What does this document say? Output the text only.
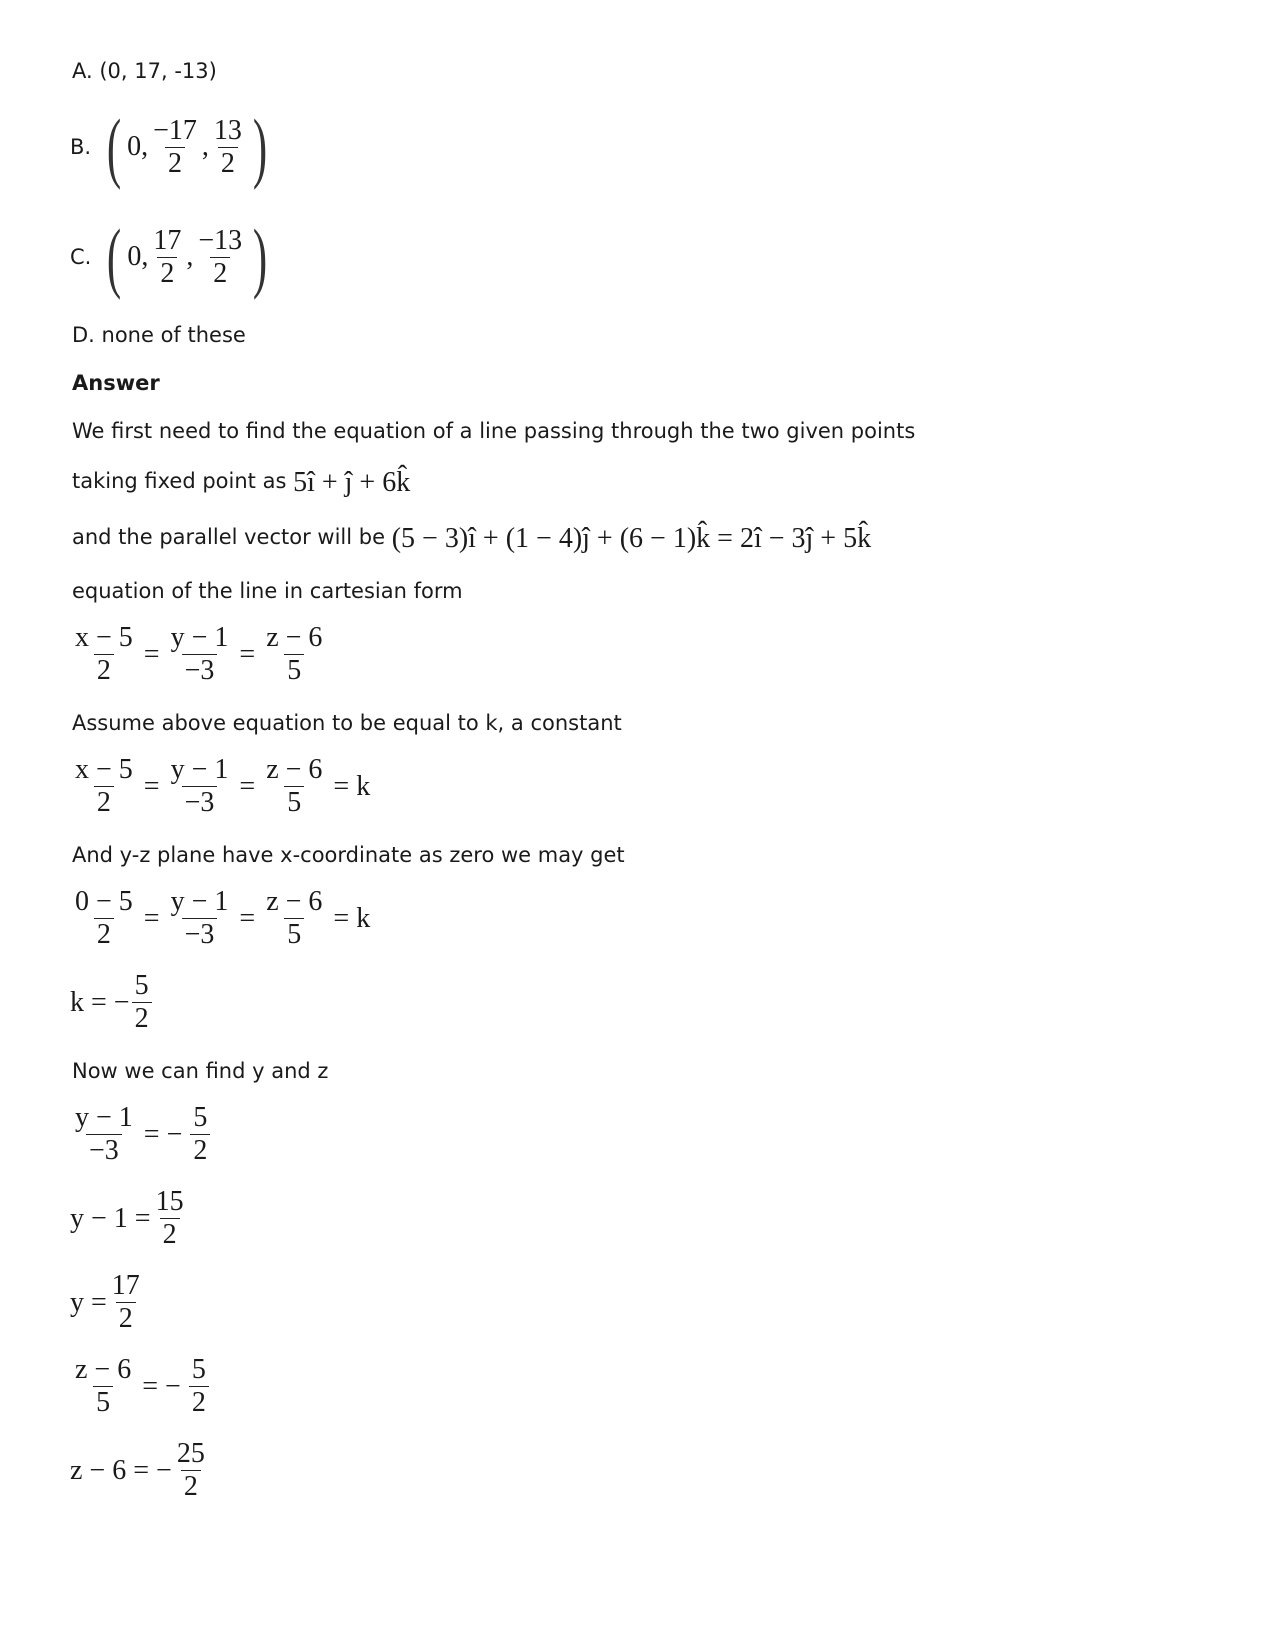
A. (0, 17, -13)
B. ( 0, $\frac{-17}{2}$ , $\frac{13}{2}$ )
C. ( 0, $\frac{17}{2}$ , $\frac{-13}{2}$ )
D. none of these
Answer
We first need to find the equation of a line passing through the two given points
taking fixed point as 5î + ĵ + 6k̂
and the parallel vector will be (5 − 3)î + (1 − 4)ĵ + (6 − 1)k̂ = 2î − 3ĵ + 5k̂
equation of the line in cartesian form
$\frac{x - 5}{2} = \frac{y - 1}{-3} = \frac{z - 6}{5}$
Assume above equation to be equal to k, a constant
$\frac{x - 5}{2} = \frac{y - 1}{-3} = \frac{z - 6}{5} = k$
And y-z plane have x-coordinate as zero we may get
$\frac{0 - 5}{2} = \frac{y - 1}{-3} = \frac{z - 6}{5} = k$
k = − $\frac{5}{2}$
Now we can find y and z
$\frac{y - 1}{-3}$ = − $\frac{5}{2}$
$y - 1 = \frac{15}{2}$
$y = \frac{17}{2}$
$\frac{z - 6}{5}$ = − $\frac{5}{2}$
z − 6 = − $\frac{25}{2}$
